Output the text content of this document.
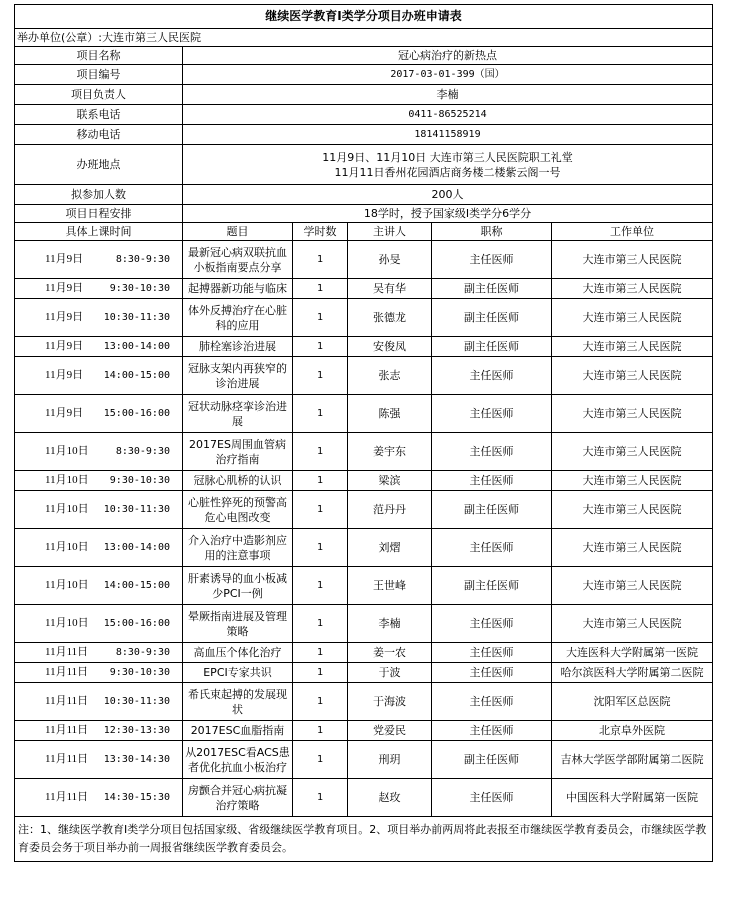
继续医学教育I类学分项目办班申请表					
举办单位(公章）:大连市第三人民医院					
项目名称	冠心病治疗的新热点				
项目编号	2017-03-01-399（国）				
项目负责人	李楠				
联系电话	0411-86525214				
移动电话	18141158919				
办班地点	11月9日、11月10日 大连市第三人民医院职工礼堂
11月11日香州花园酒店商务楼二楼紫云阁一号				

拟参加人数	200人				
项目日程安排	18学时，授予国家级I类学分6学分				
具体上课时间	题目	学时数	主讲人	职称	工作单位

11月9日 8:30-9:30	最新冠心病双联抗血小板指南要点分享	1	孙旻	主任医师	大连市第三人民医院

11月9日 9:30-10:30	起搏器新功能与临床	1	吴有华	副主任医师	大连市第三人民医院

11月9日 10:30-11:30	体外反搏治疗在心脏科的应用	1	张德龙	副主任医师	大连市第三人民医院

11月9日 13:00-14:00	肺栓塞诊治进展	1	安俊凤	副主任医师	大连市第三人民医院

11月9日 14:00-15:00	冠脉支架内再狭窄的诊治进展	1	张志	主任医师	大连市第三人民医院

11月9日 15:00-16:00	冠状动脉痉挛诊治进展	1	陈强	主任医师	大连市第三人民医院

11月10日 8:30-9:30	2017ES周围血管病治疗指南	1	姜宇东	主任医师	大连市第三人民医院

11月10日 9:30-10:30	冠脉心肌桥的认识	1	梁滨	主任医师	大连市第三人民医院

11月10日 10:30-11:30	心脏性猝死的预警高危心电图改变	1	范丹丹	副主任医师	大连市第三人民医院

11月10日 13:00-14:00	介入治疗中造影剂应用的注意事项	1	刘熠	主任医师	大连市第三人民医院

11月10日 14:00-15:00	肝素诱导的血小板减少PCI一例	1	王世峰	副主任医师	大连市第三人民医院

11月10日 15:00-16:00	晕厥指南进展及管理策略	1	李楠	主任医师	大连市第三人民医院

11月11日 8:30-9:30	高血压个体化治疗	1	姜一农	主任医师	大连医科大学附属第一医院

11月11日 9:30-10:30	EPCI专家共识	1	于波	主任医师	哈尔滨医科大学附属第二医院

11月11日 10:30-11:30	希氏束起搏的发展现状	1	于海波	主任医师	沈阳军区总医院

11月11日 12:30-13:30	2017ESC血脂指南	1	党爱民	主任医师	北京阜外医院

11月11日 13:30-14:30	从2017ESC看ACS患者优化抗血小板治疗	1	刑玥	副主任医师	吉林大学医学部附属第二医院

11月11日 14:30-15:30	房颤合并冠心病抗凝治疗策略	1	赵玫	主任医师	中国医科大学附属第一医院
注：1、继续医学教育Ⅰ类学分项目包括国家级、省级继续医学教育项目。2、项目举办前两周将此表报至市继续医学教育委员会，市继续医学教育委员会务于项目举办前一周报省继续医学教育委员会。					
